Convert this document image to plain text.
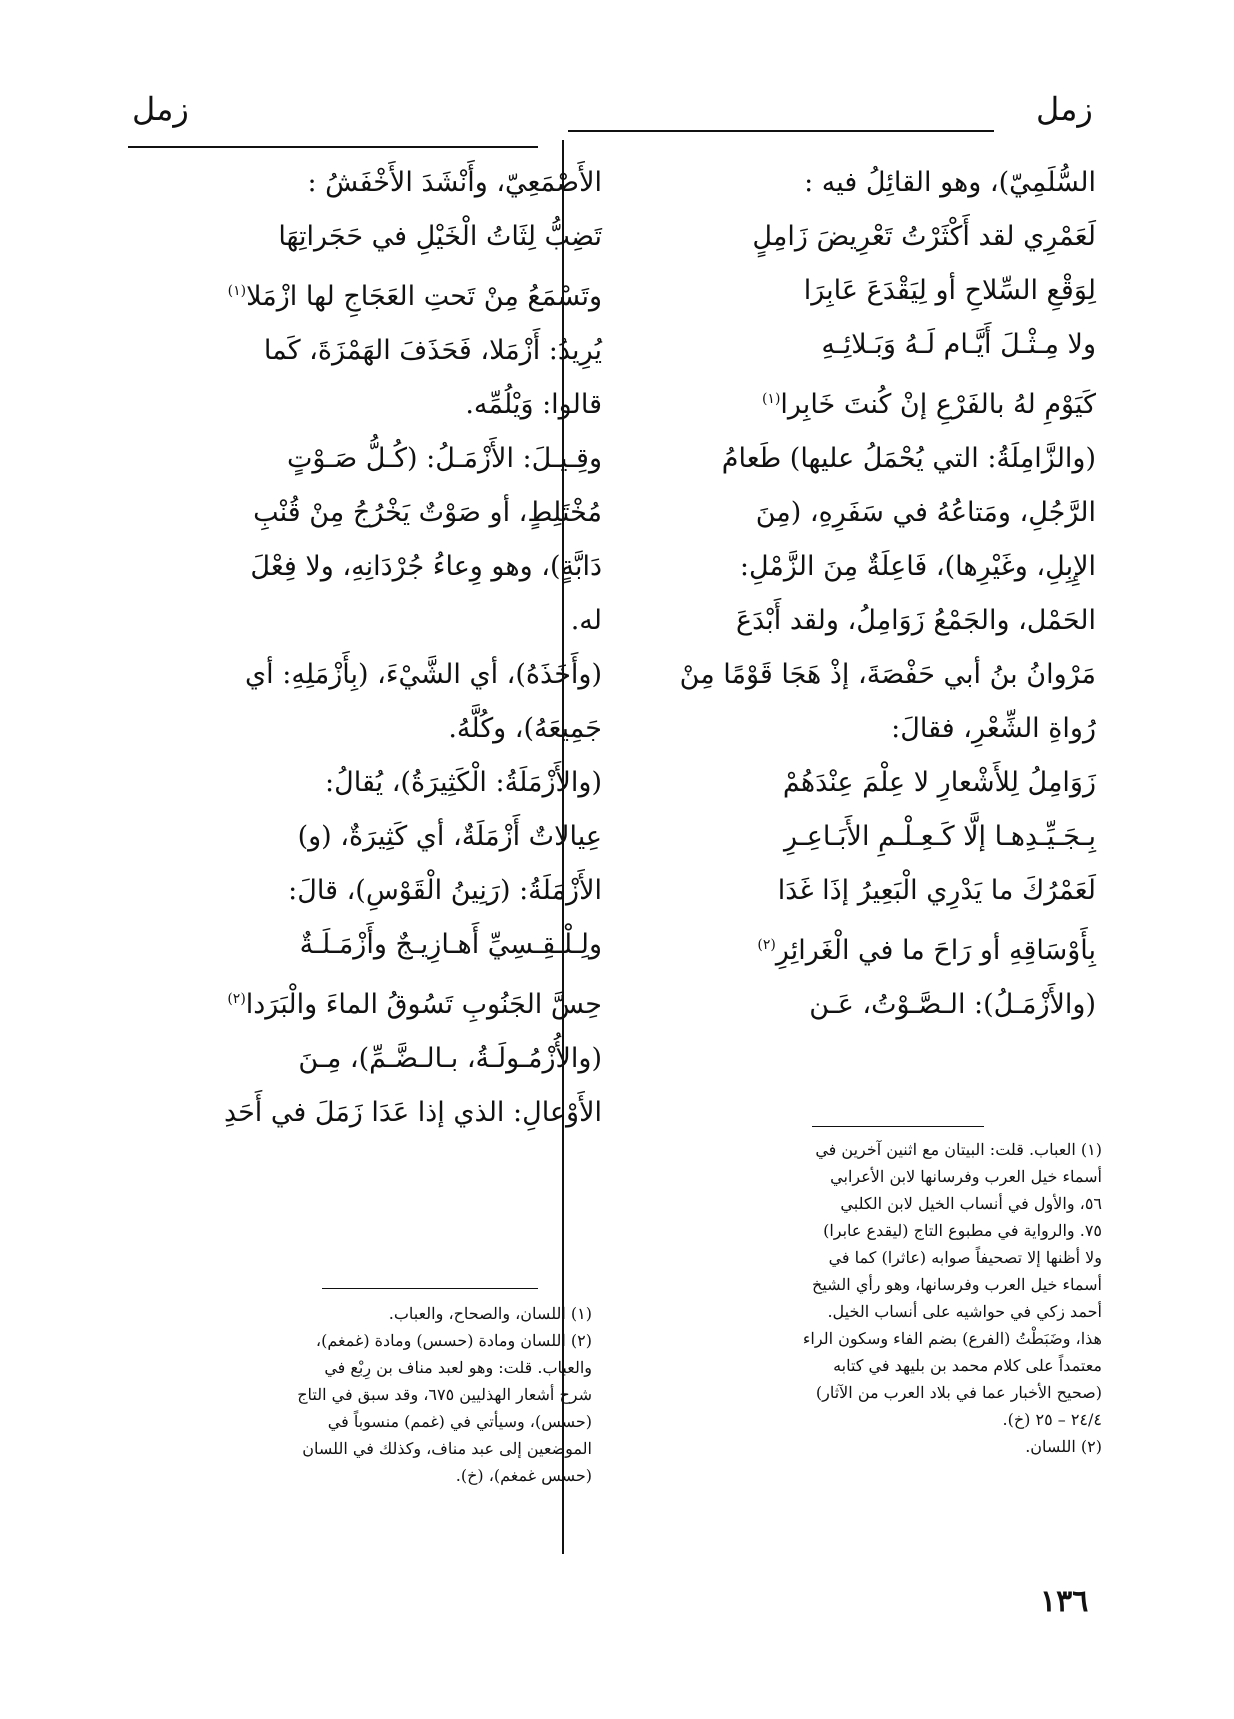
زمل
زمل

السُّلَمِيّ)، وهو القائِلُ فيه :

لَعَمْرِي لقد أَكْثَرْتُ تَعْرِيضَ زَامِلٍ

لِوَقْعِ السِّلاحِ أو لِيَقْدَعَ عَابِرَا

ولا مِـثْـلَ أَيَّـام لَـهُ وَبَـلائِـهِ

كَيَوْمِ لهُ بالفَرْعِ إنْ كُنتَ خَابِرا$^{(١)}$

(والزَّامِلَةُ: التي يُحْمَلُ عليها) طَعامُ

الرَّجُلِ، ومَتاعُهُ في سَفَرِهِ، (مِنَ

الإِبِلِ، وغَيْرِها)، فَاعِلَةٌ مِنَ الزَّمْلِ:

الحَمْل، والجَمْعُ زَوَامِلُ، ولقد أَبْدَعَ

مَرْوانُ بنُ أبي حَفْصَةَ، إذْ هَجَا قَوْمًا مِنْ

رُواةِ الشِّعْرِ، فقالَ:

زَوَامِلُ لِلأَشْعارِ لا عِلْمَ عِنْدَهُمْ

بِـجَـيِّـدِهـا إلَّا كَـعِـلْـمِ الأَبَـاعِـرِ

لَعَمْرُكَ ما يَدْرِي الْبَعِيرُ إذَا غَدَا

بِأَوْسَاقِهِ أو رَاحَ ما في الْغَرائِرِ$^{(٢)}$

(والأَزْمَـلُ): الـصَّـوْتُ، عَـن

الأَصْمَعِيّ، وأَنْشَدَ الأَخْفَشُ :

تَضِبُّ لِثَاتُ الْخَيْلِ في حَجَراتِهَا

وتَسْمَعُ مِنْ تَحتِ العَجَاجِ لها ازْمَلا$^{(١)}$

يُرِيدُ: أَزْمَلا، فَحَذَفَ الهَمْزَةَ، كَما

قالوا: وَيْلُمِّه.

وقِـيـلَ: الأَزْمَـلُ: (كُـلُّ صَـوْتٍ

مُخْتَلِطٍ، أو صَوْتٌ يَخْرُجُ مِنْ قُنْبِ

دَابَّةٍ)، وهو وِعاءُ جُرْدَانِهِ، ولا فِعْلَ

له.

(وأَخَذَهُ)، أي الشَّيْءَ، (بِأَزْمَلِهِ: أي

جَمِيعَهُ)، وكُلَّهُ.

(والأَزْمَلَةُ: الْكَثِيرَةُ)، يُقالُ:

عِيالاتٌ أَزْمَلَةٌ، أي كَثِيرَةٌ، (و)

الأَزْمَلَةُ: (رَنِينُ الْقَوْسِ)، قالَ:

ولِـلْـقِـسِيِّ أَهـازِيـجٌ وأَزْمَـلَـةٌ

حِسَّ الجَنُوبِ تَسُوقُ الماءَ والْبَرَدا$^{(٢)}$

(والأُزْمُـولَـةُ، بـالـضَّـمِّ)، مِـنَ

الأَوْعالِ: الذي إذا عَدَا زَمَلَ في أَحَدِ

(١) العباب. قلت: البيتان مع اثنين آخرين في

أسماء خيل العرب وفرسانها لابن الأعرابي

٥٦، والأول في أنساب الخيل لابن الكلبي

٧٥. والرواية في مطبوع التاج (ليقدع عابرا)

ولا أظنها إلا تصحيفاً صوابه (عاثرا) كما في

أسماء خيل العرب وفرسانها، وهو رأي الشيخ

أحمد زكي في حواشيه على أنساب الخيل.

هذا، وضَبَطْتُ (الفرع) بضم الفاء وسكون الراء

معتمداً على كلام محمد بن بليهد في كتابه

(صحيح الأخبار عما في بلاد العرب من الآثار)

٢٤/٤ – ٢٥ (خ).

(٢) اللسان.

(١) اللسان، والصحاح، والعباب.

(٢) اللسان ومادة (حسس) ومادة (غمغم)،

والعباب. قلت: وهو لعبد مناف بن رِبْع في

شرح أشعار الهذليين ٦٧٥، وقد سبق في التاج

(حسس)، وسيأتي في (غمم) منسوباً في

الموضعين إلى عبد مناف، وكذلك في اللسان

(حسس غمغم)، (خ).

١٣٦
